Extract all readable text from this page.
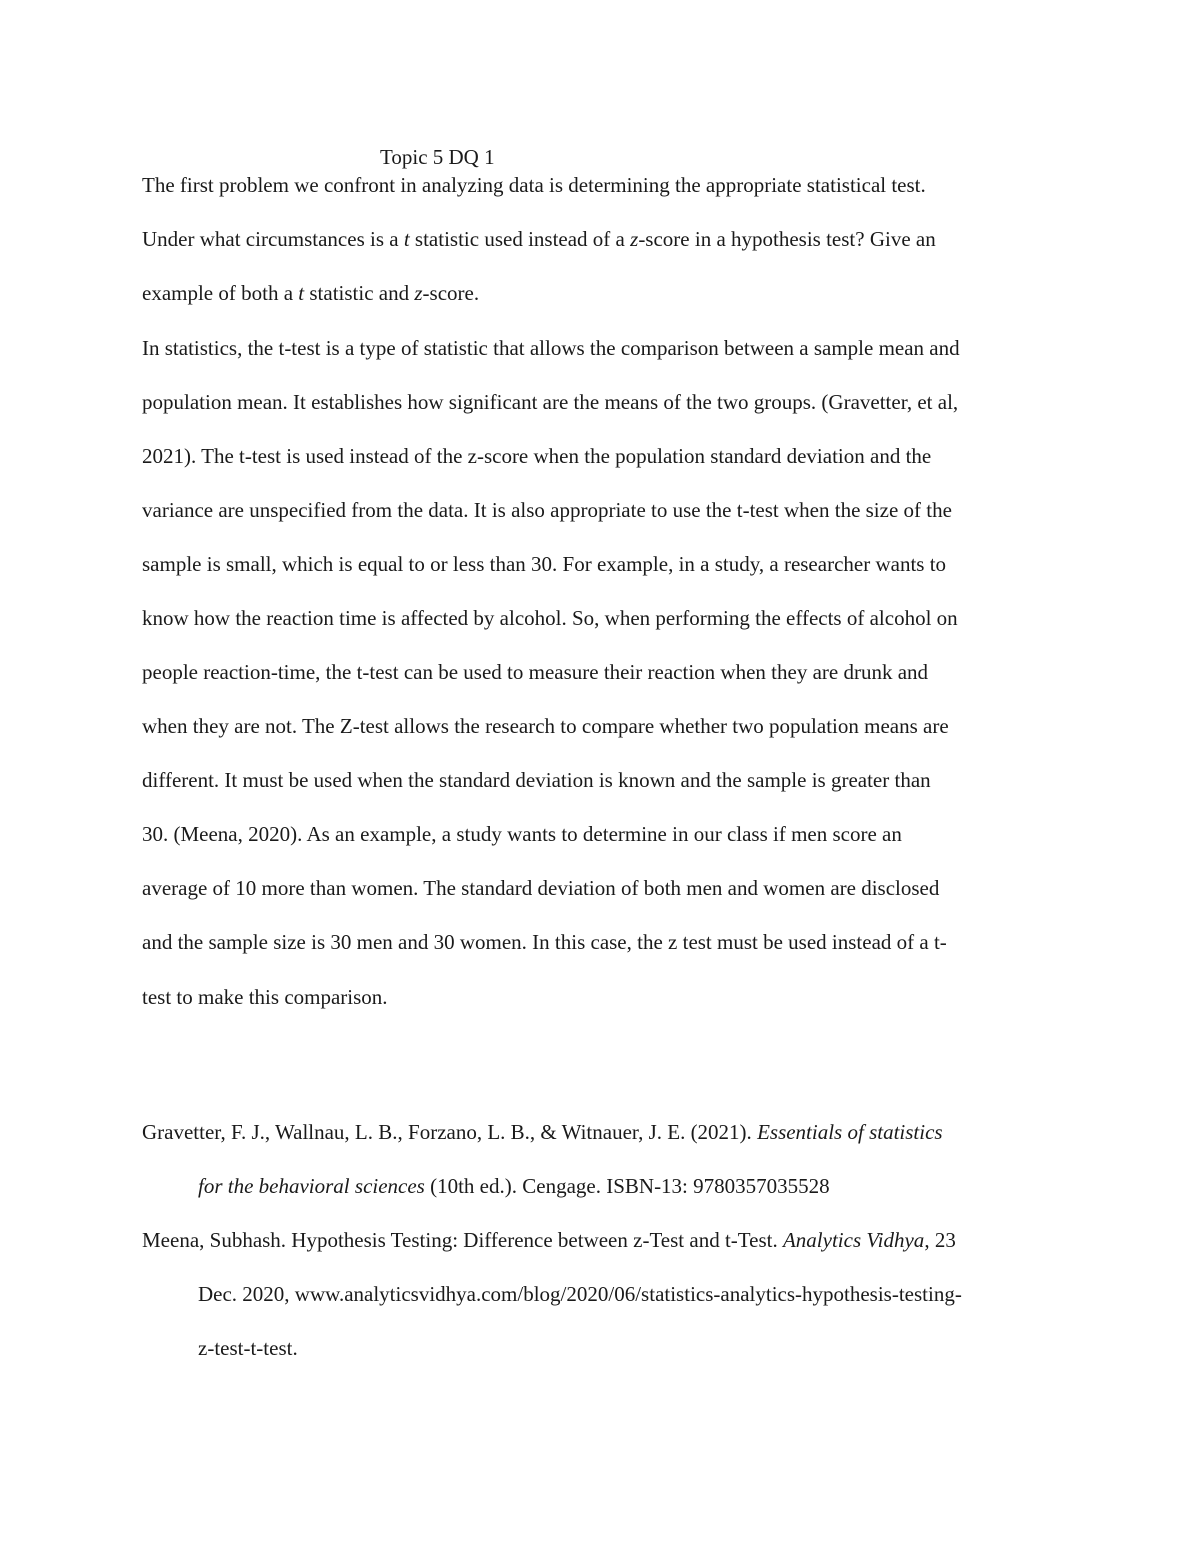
Topic 5 DQ 1
The first problem we confront in analyzing data is determining the appropriate statistical test.
Under what circumstances is a t statistic used instead of a z-score in a hypothesis test? Give an
example of both a t statistic and z-score.
In statistics, the t-test is a type of statistic that allows the comparison between a sample mean and
population mean. It establishes how significant are the means of the two groups. (Gravetter, et al,
2021). The t-test is used instead of the z-score when the population standard deviation and the
variance are unspecified from the data. It is also appropriate to use the t-test when the size of the
sample is small, which is equal to or less than 30. For example, in a study, a researcher wants to
know how the reaction time is affected by alcohol. So, when performing the effects of alcohol on
people reaction-time, the t-test can be used to measure their reaction when they are drunk and
when they are not. The Z-test allows the research to compare whether two population means are
different. It must be used when the standard deviation is known and the sample is greater than
30. (Meena, 2020). As an example, a study wants to determine in our class if men score an
average of 10 more than women. The standard deviation of both men and women are disclosed
and the sample size is 30 men and 30 women. In this case, the z test must be used instead of a t-
test to make this comparison.
Gravetter, F. J., Wallnau, L. B., Forzano, L. B., & Witnauer, J. E. (2021). Essentials of statistics
for the behavioral sciences (10th ed.). Cengage. ISBN-13: 9780357035528
Meena, Subhash. Hypothesis Testing: Difference between z-Test and t-Test. Analytics Vidhya, 23
Dec. 2020, www.analyticsvidhya.com/blog/2020/06/statistics-analytics-hypothesis-testing-
z-test-t-test.
